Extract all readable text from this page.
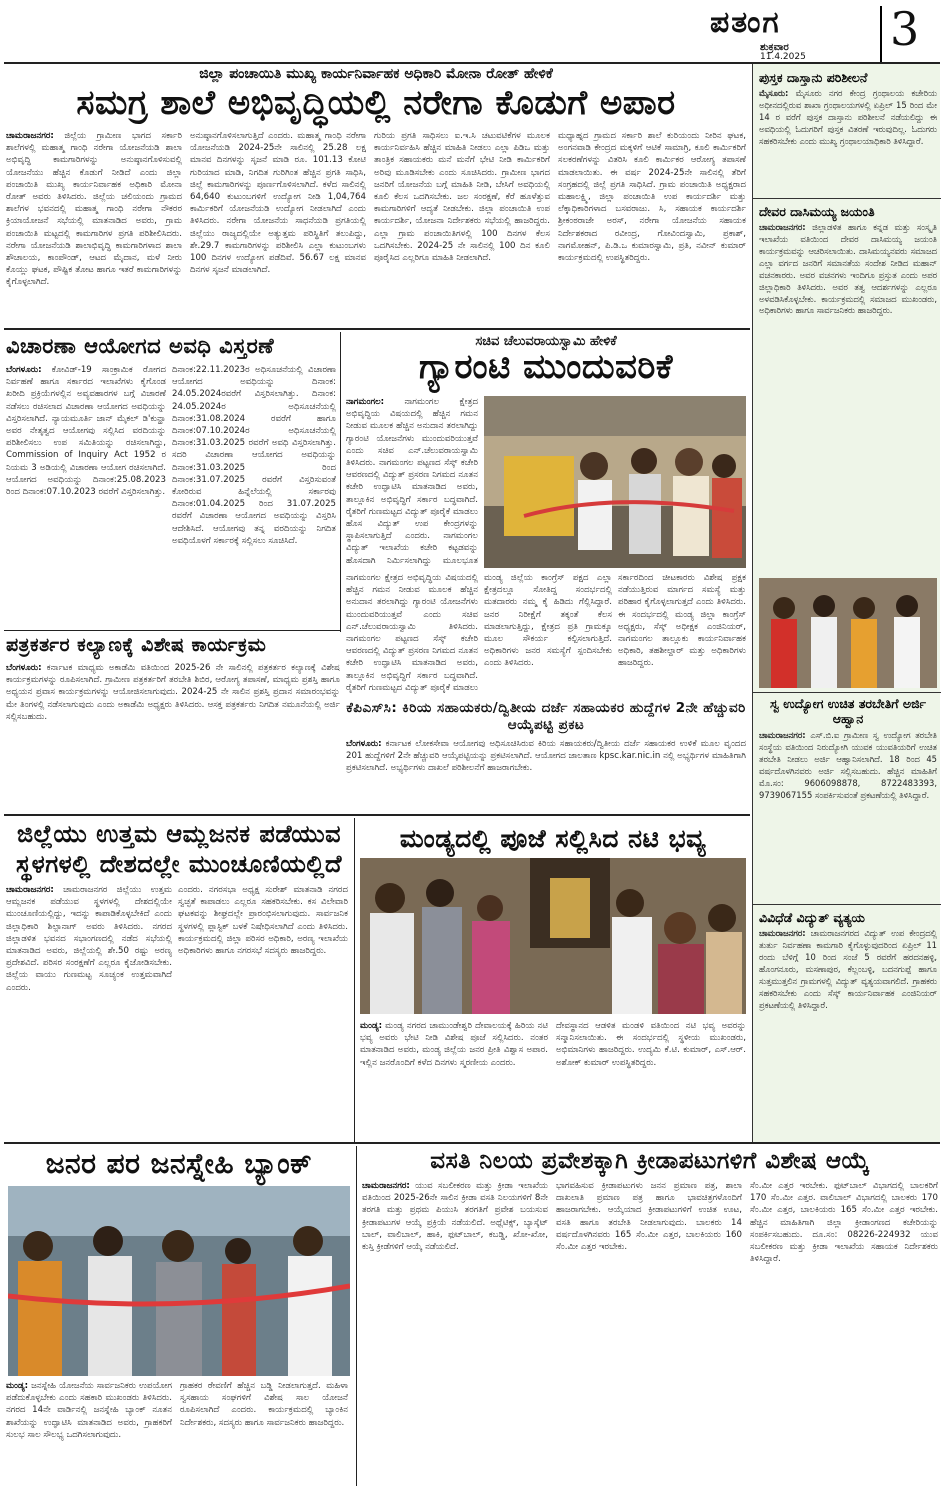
ಪತಂಗ
ಶುಕ್ರವಾರ
11.4.2025
3
ಜಿಲ್ಲಾ ಪಂಚಾಯಿತಿ ಮುಖ್ಯ ಕಾರ್ಯನಿರ್ವಾಹಕ ಅಧಿಕಾರಿ ಮೋನಾ ರೋತ್ ಹೇಳಿಕೆ
ಸಮಗ್ರ ಶಾಲೆ ಅಭಿವೃದ್ಧಿಯಲ್ಲಿ ನರೇಗಾ ಕೊಡುಗೆ ಅಪಾರ
ಚಾಮರಾಜನಗರ: ಜಿಲ್ಲೆಯ ಗ್ರಾಮೀಣ ಭಾಗದ ಸರ್ಕಾರಿ ಶಾಲೆಗಳಲ್ಲಿ ಮಹಾತ್ಮ ಗಾಂಧಿ ನರೇಗಾ ಯೋಜನೆಯಡಿ ಶಾಲಾ ಅಭಿವೃದ್ಧಿ ಕಾಮಗಾರಿಗಳನ್ನು ಅನುಷ್ಠಾನಗೊಳಿಸುವಲ್ಲಿ ಯೋಜನೆಯು ಹೆಚ್ಚಿನ ಕೊಡುಗೆ ನೀಡಿದೆ ಎಂದು ಜಿಲ್ಲಾ ಪಂಚಾಯಿತಿ ಮುಖ್ಯ ಕಾರ್ಯನಿರ್ವಾಹಕ ಅಧಿಕಾರಿ ಮೋನಾ ರೋತ್ ಅವರು ತಿಳಿಸಿದರು. ಜಿಲ್ಲೆಯ ಚಲಿಯಂದು ಗ್ರಾಮದ ಶಾಲೆಗಳ ಭವನದಲ್ಲಿ ಮಹಾತ್ಮ ಗಾಂಧಿ ನರೇಗಾ ನೌಕರರ ಕ್ರಿಯಾಯೋಜನೆ ಸಭೆಯಲ್ಲಿ ಮಾತನಾಡಿದ ಅವರು, ಗ್ರಾಮ ಪಂಚಾಯಿತಿ ಮಟ್ಟದಲ್ಲಿ ಕಾಮಗಾರಿಗಳ ಪ್ರಗತಿ ಪರಿಶೀಲಿಸಿದರು. ನರೇಗಾ ಯೋಜನೆಯಡಿ ಶಾಲಾಭಿವೃದ್ಧಿ ಕಾಮಗಾರಿಗಳಾದ ಶಾಲಾ ಶೌಚಾಲಯ, ಕಾಂಪೌಂಡ್, ಆಟದ ಮೈದಾನ, ಮಳೆ ನೀರು ಕೊಯ್ಲು ಘಟಕ, ಪೌಷ್ಟಿಕ ತೋಟ ಹಾಗೂ ಇತರೆ ಕಾಮಗಾರಿಗಳನ್ನು ಕೈಗೊಳ್ಳಲಾಗಿದೆ.
ಅನುಷ್ಠಾನಗೊಳಿಸಲಾಗುತ್ತಿದೆ ಎಂದರು. ಮಹಾತ್ಮ ಗಾಂಧಿ ನರೇಗಾ ಯೋಜನೆಯಡಿ 2024-25ನೇ ಸಾಲಿನಲ್ಲಿ 25.28 ಲಕ್ಷ ಮಾನವ ದಿನಗಳನ್ನು ಸೃಜನೆ ಮಾಡಿ ರೂ. 101.13 ಕೋಟಿ ಗುರಿಯಾದ ಮಾಡಿ, ನಿಗದಿತ ಗುರಿಗಿಂತ ಹೆಚ್ಚಿನ ಪ್ರಗತಿ ಸಾಧಿಸಿ, ಜಿಲ್ಲೆ ಕಾಮಗಾರಿಗಳನ್ನು ಪೂರ್ಣಗೊಳಿಸಲಾಗಿದೆ. ಕಳೆದ ಸಾಲಿನಲ್ಲಿ 64,640 ಕುಟುಂಬಗಳಿಗೆ ಉದ್ಯೋಗ ನೀಡಿ 1,04,764 ಕಾರ್ಮಿಕರಿಗೆ ಯೋಜನೆಯಡಿ ಉದ್ಯೋಗ ನೀಡಲಾಗಿದೆ ಎಂದು ತಿಳಿಸಿದರು. ನರೇಗಾ ಯೋಜನೆಯ ಸಾಧನೆಯಡಿ ಪ್ರಗತಿಯಲ್ಲಿ ಜಿಲ್ಲೆಯು ರಾಜ್ಯದಲ್ಲಿಯೇ ಅತ್ಯುತ್ತಮ ಪರಿಸ್ಥಿತಿಗೆ ತಲುಪಿದ್ದು, ಶೇ.29.7 ಕಾಮಗಾರಿಗಳನ್ನು ಪರಿಶೀಲಿಸಿ ಎಲ್ಲಾ ಕುಟುಂಬಗಳು 100 ದಿನಗಳ ಉದ್ಯೋಗ ಪಡೆದಿವೆ. 56.67 ಲಕ್ಷ ಮಾನವ ದಿನಗಳ ಸೃಜನೆ ಮಾಡಲಾಗಿದೆ.
ಗುರಿಯ ಪ್ರಗತಿ ಸಾಧಿಸಲು ಐ.ಇ.ಸಿ ಚಟುವಟಿಕೆಗಳ ಮೂಲಕ ಕಾರ್ಯನಿರ್ವಹಿಸಿ ಹೆಚ್ಚಿನ ಮಾಹಿತಿ ನೀಡಲು ಎಲ್ಲಾ ಪಿಡಿಒ ಮತ್ತು ತಾಂತ್ರಿಕ ಸಹಾಯಕರು ಮನೆ ಮನೆಗೆ ಭೇಟಿ ನೀಡಿ ಕಾರ್ಮಿಕರಿಗೆ ಅರಿವು ಮೂಡಿಸಬೇಕು ಎಂದು ಸೂಚಿಸಿದರು. ಗ್ರಾಮೀಣ ಭಾಗದ ಜನರಿಗೆ ಯೋಜನೆಯ ಬಗ್ಗೆ ಮಾಹಿತಿ ನೀಡಿ, ಬೇಸಿಗೆ ಅವಧಿಯಲ್ಲಿ ಕೂಲಿ ಕೆಲಸ ಒದಗಿಸಬೇಕು. ಜಲ ಸಂರಕ್ಷಣೆ, ಕೆರೆ ಹೂಳೆತ್ತುವ ಕಾಮಗಾರಿಗಳಿಗೆ ಆದ್ಯತೆ ನೀಡಬೇಕು. ಜಿಲ್ಲಾ ಪಂಚಾಯಿತಿ ಉಪ ಕಾರ್ಯದರ್ಶಿ, ಯೋಜನಾ ನಿರ್ದೇಶಕರು ಸಭೆಯಲ್ಲಿ ಹಾಜರಿದ್ದರು. ಎಲ್ಲಾ ಗ್ರಾಮ ಪಂಚಾಯಿತಿಗಳಲ್ಲಿ 100 ದಿನಗಳ ಕೆಲಸ ಒದಗಿಸಬೇಕು. 2024-25 ನೇ ಸಾಲಿನಲ್ಲಿ 100 ದಿನ ಕೂಲಿ ಪೂರೈಸಿದ ಎಲ್ಲರಿಗೂ ಮಾಹಿತಿ ನೀಡಲಾಗಿದೆ.
ಮಧ್ಯಾಹ್ನದ ಗ್ರಾಮದ ಸರ್ಕಾರಿ ಶಾಲೆ ಕುರಿಯಂದು ನೀರಿನ ಘಟಕ, ಅಂಗನವಾಡಿ ಕೇಂದ್ರದ ಮಕ್ಕಳಿಗೆ ಆಟಿಕೆ ಸಾಮಾಗ್ರಿ, ಕೂಲಿ ಕಾರ್ಮಿಕರಿಗೆ ಸಲಕರಣೆಗಳನ್ನು ವಿತರಿಸಿ ಕೂಲಿ ಕಾರ್ಮಿಕರ ಆರೋಗ್ಯ ತಪಾಸಣೆ ಮಾಡಲಾಯಿತು. ಈ ವರ್ಷ 2024-25ನೇ ಸಾಲಿನಲ್ಲಿ ತೆರಿಗೆ ಸಂಗ್ರಹದಲ್ಲಿ ಜಿಲ್ಲೆ ಪ್ರಗತಿ ಸಾಧಿಸಿದೆ. ಗ್ರಾಮ ಪಂಚಾಯಿತಿ ಅಧ್ಯಕ್ಷರಾದ ಮಹಾಲಕ್ಷ್ಮಿ, ಜಿಲ್ಲಾ ಪಂಚಾಯಿತಿ ಉಪ ಕಾರ್ಯದರ್ಶಿ ಮತ್ತು ಲೆಕ್ಕಾಧಿಕಾರಿಗಳಾದ ಬಸವರಾಜು. ಸಿ, ಸಹಾಯಕ ಕಾರ್ಯದರ್ಶಿ ಶ್ರೀಕಂಠರಾಜೇ ಅರಸ್, ನರೇಗಾ ಯೋಜನೆಯ ಸಹಾಯಕ ನಿರ್ದೇಶಕರಾದ ರವೀಂದ್ರ, ಗೋವಿಂದಸ್ವಾಮಿ, ಪ್ರಕಾಶ್, ನಾಗಮೋಹನ್, ಪಿ.ಡಿ.ಒ ಕುಮಾರಸ್ವಾಮಿ, ಪ್ರತಿ, ನವೀನ್ ಕುಮಾರ್ ಕಾರ್ಯಕ್ರಮದಲ್ಲಿ ಉಪಸ್ಥಿತರಿದ್ದರು.
ವಿಚಾರಣಾ ಆಯೋಗದ ಅವಧಿ ವಿಸ್ತರಣೆ
ಬೆಂಗಳೂರು: ಕೋವಿಡ್-19 ಸಾಂಕ್ರಾಮಿಕ ರೋಗದ ನಿರ್ವಹಣೆ ಹಾಗೂ ಸರ್ಕಾರದ ಇಲಾಖೆಗಳು ಕೈಗೊಂಡ ಖರೀದಿ ಪ್ರಕ್ರಿಯೆಗಳಲ್ಲಿನ ಅವ್ಯವಹಾರಗಳ ಬಗ್ಗೆ ವಿಚಾರಣೆ ನಡೆಸಲು ರಚಿಸಲಾದ ವಿಚಾರಣಾ ಆಯೋಗದ ಅವಧಿಯನ್ನು ವಿಸ್ತರಿಸಲಾಗಿದೆ. ನ್ಯಾಯಮೂರ್ತಿ ಜಾನ್ ಮೈಕಲ್ ಡಿ'ಕುನ್ಹಾ ಅವರ ನೇತೃತ್ವದ ಆಯೋಗವು ಸಲ್ಲಿಸಿದ ವರದಿಯನ್ನು ಪರಿಶೀಲಿಸಲು ಉಪ ಸಮಿತಿಯನ್ನು ರಚಿಸಲಾಗಿದ್ದು, Commission of Inquiry Act 1952 ರ ನಿಯಮ 3 ಅಡಿಯಲ್ಲಿ ವಿಚಾರಣಾ ಆಯೋಗ ರಚಿಸಲಾಗಿದೆ. ಆಯೋಗದ ಅವಧಿಯನ್ನು ದಿನಾಂಕ:25.08.2023 ರಿಂದ ದಿನಾಂಕ:07.10.2023 ರವರೆಗೆ ವಿಸ್ತರಿಸಲಾಗಿತ್ತು.
ದಿನಾಂಕ:22.11.2023ರ ಅಧಿಸೂಚನೆಯಲ್ಲಿ ವಿಚಾರಣಾ ಆಯೋಗದ ಅವಧಿಯನ್ನು ದಿನಾಂಕ: 24.05.2024ರವರೆಗೆ ವಿಸ್ತರಿಸಲಾಗಿತ್ತು. ದಿನಾಂಕ: 24.05.2024ರ ಅಧಿಸೂಚನೆಯಲ್ಲಿ ದಿನಾಂಕ:31.08.2024 ರವರೆಗೆ ಹಾಗೂ ದಿನಾಂಕ:07.10.2024ರ ಅಧಿಸೂಚನೆಯಲ್ಲಿ ದಿನಾಂಕ:31.03.2025 ರವರೆಗೆ ಅವಧಿ ವಿಸ್ತರಿಸಲಾಗಿತ್ತು. ಸದರಿ ವಿಚಾರಣಾ ಆಯೋಗದ ಅವಧಿಯನ್ನು ದಿನಾಂಕ:31.03.2025 ರಿಂದ ದಿನಾಂಕ:31.07.2025 ರವರೆಗೆ ವಿಸ್ತರಿಸುವಂತೆ ಕೋರಿರುವ ಹಿನ್ನೆಲೆಯಲ್ಲಿ ಸರ್ಕಾರವು ದಿನಾಂಕ:01.04.2025 ರಿಂದ 31.07.2025 ರವರೆಗೆ ವಿಚಾರಣಾ ಆಯೋಗದ ಅವಧಿಯನ್ನು ವಿಸ್ತರಿಸಿ ಆದೇಶಿಸಿದೆ. ಆಯೋಗವು ತನ್ನ ವರದಿಯನ್ನು ನಿಗದಿತ ಅವಧಿಯೊಳಗೆ ಸರ್ಕಾರಕ್ಕೆ ಸಲ್ಲಿಸಲು ಸೂಚಿಸಿದೆ.
ಸಚಿವ ಚೆಲುವರಾಯಸ್ವಾಮಿ ಹೇಳಿಕೆ
ಗ್ಯಾರಂಟಿ ಮುಂದುವರಿಕೆ
ನಾಗಮಂಗಲ: ನಾಗಮಂಗಲ ಕ್ಷೇತ್ರದ ಅಭಿವೃದ್ಧಿಯ ವಿಷಯದಲ್ಲಿ ಹೆಚ್ಚಿನ ಗಮನ ನೀಡುವ ಮೂಲಕ ಹೆಚ್ಚಿನ ಅನುದಾನ ತರಲಾಗಿದ್ದು ಗ್ಯಾರಂಟಿ ಯೋಜನೆಗಳು ಮುಂದುವರಿಯುತ್ತವೆ ಎಂದು ಸಚಿವ ಎನ್.ಚೆಲುವರಾಯಸ್ವಾಮಿ ತಿಳಿಸಿದರು. ನಾಗಮಂಗಲ ಪಟ್ಟಣದ ಸೆಸ್ಕ್ ಕಚೇರಿ ಆವರಣದಲ್ಲಿ ವಿದ್ಯುತ್ ಪ್ರಸರಣ ನಿಗಮದ ನೂತನ ಕಚೇರಿ ಉದ್ಘಾಟಿಸಿ ಮಾತನಾಡಿದ ಅವರು, ತಾಲ್ಲೂಕಿನ ಅಭಿವೃದ್ಧಿಗೆ ಸರ್ಕಾರ ಬದ್ಧವಾಗಿದೆ. ರೈತರಿಗೆ ಗುಣಮಟ್ಟದ ವಿದ್ಯುತ್ ಪೂರೈಕೆ ಮಾಡಲು ಹೊಸ ವಿದ್ಯುತ್ ಉಪ ಕೇಂದ್ರಗಳನ್ನು ಸ್ಥಾಪಿಸಲಾಗುತ್ತಿದೆ ಎಂದರು. ನಾಗಮಂಗಲ ವಿದ್ಯುತ್ ಇಲಾಖೆಯ ಕಚೇರಿ ಕಟ್ಟಡವನ್ನು ಹೊಸದಾಗಿ ನಿರ್ಮಿಸಲಾಗಿದ್ದು ಮೂಲಭೂತ
ಮಂಡ್ಯ ಜಿಲ್ಲೆಯ ಕಾಂಗ್ರೆಸ್ ಪಕ್ಷದ ಎಲ್ಲಾ ಕ್ಷೇತ್ರದಲ್ಲೂ ಸೋತಿದ್ದ ಸಂದರ್ಭದಲ್ಲಿ ಮತದಾರರು ನಮ್ಮ ಕೈ ಹಿಡಿದು ಗೆಲ್ಲಿಸಿದ್ದಾರೆ. ಜನರ ನಿರೀಕ್ಷೆಗೆ ತಕ್ಕಂತೆ ಕೆಲಸ ಮಾಡಲಾಗುತ್ತಿದ್ದು, ಕ್ಷೇತ್ರದ ಪ್ರತಿ ಗ್ರಾಮಕ್ಕೂ ಮೂಲ ಸೌಕರ್ಯ ಕಲ್ಪಿಸಲಾಗುತ್ತಿದೆ. ಅಧಿಕಾರಿಗಳು ಜನರ ಸಮಸ್ಯೆಗೆ ಸ್ಪಂದಿಸಬೇಕು ಎಂದು ತಿಳಿಸಿದರು.
ಸರ್ಕಾರದಿಂದ ಚೀಟಕಾರರು ವಿಶೇಷ ಪ್ರಕ್ಷಕ ನಡೆಯುತ್ತಿರುವ ಮಾರ್ಗದ ಸಮಸ್ಯೆ ಮತ್ತು ಪರಿಹಾರ ಕೈಗೊಳ್ಳಲಾಗುತ್ತದೆ ಎಂದು ತಿಳಿಸಿದರು. ಈ ಸಂದರ್ಭದಲ್ಲಿ ಮಂಡ್ಯ ಜಿಲ್ಲಾ ಕಾಂಗ್ರೆಸ್ ಅಧ್ಯಕ್ಷರು, ಸೆಸ್ಕ್ ಅಧೀಕ್ಷಕ ಎಂಜಿನಿಯರ್, ನಾಗಮಂಗಲ ತಾಲ್ಲೂಕು ಕಾರ್ಯನಿರ್ವಾಹಕ ಅಧಿಕಾರಿ, ತಹಶೀಲ್ದಾರ್ ಮತ್ತು ಅಧಿಕಾರಿಗಳು ಹಾಜರಿದ್ದರು.
ನಾಗಮಂಗಲ ಕ್ಷೇತ್ರದ ಅಭಿವೃದ್ಧಿಯ ವಿಷಯದಲ್ಲಿ ಹೆಚ್ಚಿನ ಗಮನ ನೀಡುವ ಮೂಲಕ ಹೆಚ್ಚಿನ ಅನುದಾನ ತರಲಾಗಿದ್ದು ಗ್ಯಾರಂಟಿ ಯೋಜನೆಗಳು ಮುಂದುವರಿಯುತ್ತವೆ ಎಂದು ಸಚಿವ ಎನ್.ಚೆಲುವರಾಯಸ್ವಾಮಿ ತಿಳಿಸಿದರು. ನಾಗಮಂಗಲ ಪಟ್ಟಣದ ಸೆಸ್ಕ್ ಕಚೇರಿ ಆವರಣದಲ್ಲಿ ವಿದ್ಯುತ್ ಪ್ರಸರಣ ನಿಗಮದ ನೂತನ ಕಚೇರಿ ಉದ್ಘಾಟಿಸಿ ಮಾತನಾಡಿದ ಅವರು, ತಾಲ್ಲೂಕಿನ ಅಭಿವೃದ್ಧಿಗೆ ಸರ್ಕಾರ ಬದ್ಧವಾಗಿದೆ. ರೈತರಿಗೆ ಗುಣಮಟ್ಟದ ವಿದ್ಯುತ್ ಪೂರೈಕೆ ಮಾಡಲು
ಕೆಪಿಎಸ್‌ಸಿ: ಕಿರಿಯ ಸಹಾಯಕರು/ದ್ವಿತೀಯ ದರ್ಜೆ ಸಹಾಯಕರ ಹುದ್ದೆಗಳ 2ನೇ ಹೆಚ್ಚುವರಿ ಆಯ್ಕೆಪಟ್ಟಿ ಪ್ರಕಟ
ಬೆಂಗಳೂರು: ಕರ್ನಾಟಕ ಲೋಕಸೇವಾ ಆಯೋಗವು ಅಧಿಸೂಚಿಸಿರುವ ಕಿರಿಯ ಸಹಾಯಕರು/ದ್ವಿತೀಯ ದರ್ಜೆ ಸಹಾಯಕರ ಉಳಿಕೆ ಮೂಲ ವೃಂದದ 201 ಹುದ್ದೆಗಳಿಗೆ 2ನೇ ಹೆಚ್ಚುವರಿ ಆಯ್ಕೆಪಟ್ಟಿಯನ್ನು ಪ್ರಕಟಿಸಲಾಗಿದೆ. ಆಯೋಗದ ಜಾಲತಾಣ kpsc.kar.nic.in ನಲ್ಲಿ ಅಭ್ಯರ್ಥಿಗಳ ಮಾಹಿತಿಗಾಗಿ ಪ್ರಕಟಿಸಲಾಗಿದೆ. ಅಭ್ಯರ್ಥಿಗಳು ದಾಖಲೆ ಪರಿಶೀಲನೆಗೆ ಹಾಜರಾಗಬೇಕು.
ಪತ್ರಕರ್ತರ ಕಲ್ಯಾಣಕ್ಕೆ ವಿಶೇಷ ಕಾರ್ಯಕ್ರಮ
ಬೆಂಗಳೂರು: ಕರ್ನಾಟಕ ಮಾಧ್ಯಮ ಅಕಾಡೆಮಿ ವತಿಯಿಂದ 2025-26 ನೇ ಸಾಲಿನಲ್ಲಿ ಪತ್ರಕರ್ತರ ಕಲ್ಯಾಣಕ್ಕೆ ವಿಶೇಷ ಕಾರ್ಯಕ್ರಮಗಳನ್ನು ರೂಪಿಸಲಾಗಿದೆ. ಗ್ರಾಮೀಣ ಪತ್ರಕರ್ತರಿಗೆ ತರಬೇತಿ ಶಿಬಿರ, ಆರೋಗ್ಯ ತಪಾಸಣೆ, ಮಾಧ್ಯಮ ಪ್ರಶಸ್ತಿ ಹಾಗೂ ಅಧ್ಯಯನ ಪ್ರವಾಸ ಕಾರ್ಯಕ್ರಮಗಳನ್ನು ಆಯೋಜಿಸಲಾಗುವುದು. 2024-25 ನೇ ಸಾಲಿನ ಪ್ರಶಸ್ತಿ ಪ್ರದಾನ ಸಮಾರಂಭವನ್ನು ಮೇ ತಿಂಗಳಲ್ಲಿ ನಡೆಸಲಾಗುವುದು ಎಂದು ಅಕಾಡೆಮಿ ಅಧ್ಯಕ್ಷರು ತಿಳಿಸಿದರು. ಆಸಕ್ತ ಪತ್ರಕರ್ತರು ನಿಗದಿತ ನಮೂನೆಯಲ್ಲಿ ಅರ್ಜಿ ಸಲ್ಲಿಸಬಹುದು.
ಜಿಲ್ಲೆಯು ಉತ್ತಮ ಆಮ್ಲಜನಕ ಪಡೆಯುವ
ಸ್ಥಳಗಳಲ್ಲಿ ದೇಶದಲ್ಲೇ ಮುಂಚೂಣಿಯಲ್ಲಿದೆ
ಚಾಮರಾಜನಗರ: ಚಾಮರಾಜನಗರ ಜಿಲ್ಲೆಯು ಉತ್ತಮ ಆಮ್ಲಜನಕ ಪಡೆಯುವ ಸ್ಥಳಗಳಲ್ಲಿ ದೇಶದಲ್ಲಿಯೇ ಮುಂಚೂಣಿಯಲ್ಲಿದ್ದು, ಇದನ್ನು ಕಾಪಾಡಿಕೊಳ್ಳಬೇಕಿದೆ ಎಂದು ಜಿಲ್ಲಾಧಿಕಾರಿ ಶಿಲ್ಪಾನಾಗ್ ಅವರು ತಿಳಿಸಿದರು. ನಗರದ ಜಿಲ್ಲಾಡಳಿತ ಭವನದ ಸಭಾಂಗಣದಲ್ಲಿ ನಡೆದ ಸಭೆಯಲ್ಲಿ ಮಾತನಾಡಿದ ಅವರು, ಜಿಲ್ಲೆಯಲ್ಲಿ ಶೇ.50 ರಷ್ಟು ಅರಣ್ಯ ಪ್ರದೇಶವಿದೆ. ಪರಿಸರ ಸಂರಕ್ಷಣೆಗೆ ಎಲ್ಲರೂ ಕೈಜೋಡಿಸಬೇಕು. ಜಿಲ್ಲೆಯ ವಾಯು ಗುಣಮಟ್ಟ ಸೂಚ್ಯಂಕ ಉತ್ತಮವಾಗಿದೆ ಎಂದರು.
ಎಂದರು. ನಗರಸಭಾ ಅಧ್ಯಕ್ಷ ಸುರೇಶ್ ಮಾತನಾಡಿ ನಗರದ ಸ್ವಚ್ಛತೆ ಕಾಪಾಡಲು ಎಲ್ಲರೂ ಸಹಕರಿಸಬೇಕು. ಕಸ ವಿಲೇವಾರಿ ಘಟಕವನ್ನು ಶೀಘ್ರದಲ್ಲೇ ಪ್ರಾರಂಭಿಸಲಾಗುವುದು. ಸಾರ್ವಜನಿಕ ಸ್ಥಳಗಳಲ್ಲಿ ಪ್ಲಾಸ್ಟಿಕ್ ಬಳಕೆ ನಿಷೇಧಿಸಲಾಗಿದೆ ಎಂದು ತಿಳಿಸಿದರು. ಕಾರ್ಯಕ್ರಮದಲ್ಲಿ ಜಿಲ್ಲಾ ಪರಿಸರ ಅಧಿಕಾರಿ, ಅರಣ್ಯ ಇಲಾಖೆಯ ಅಧಿಕಾರಿಗಳು ಹಾಗೂ ನಗರಸಭೆ ಸದಸ್ಯರು ಹಾಜರಿದ್ದರು.
ಮಂಡ್ಯದಲ್ಲಿ ಪೂಜೆ ಸಲ್ಲಿಸಿದ ನಟಿ ಭವ್ಯ
ಮಂಡ್ಯ: ಮಂಡ್ಯ ನಗರದ ಚಾಮುಂಡೇಶ್ವರಿ ದೇವಾಲಯಕ್ಕೆ ಹಿರಿಯ ನಟಿ ಭವ್ಯ ಅವರು ಭೇಟಿ ನೀಡಿ ವಿಶೇಷ ಪೂಜೆ ಸಲ್ಲಿಸಿದರು. ನಂತರ ಮಾತನಾಡಿದ ಅವರು, ಮಂಡ್ಯ ಜಿಲ್ಲೆಯ ಜನರ ಪ್ರೀತಿ ವಿಶ್ವಾಸ ಅಪಾರ. ಇಲ್ಲಿನ ಜನರೊಂದಿಗೆ ಕಳೆದ ದಿನಗಳು ಸ್ಮರಣೀಯ ಎಂದರು.
ದೇವಸ್ಥಾನದ ಆಡಳಿತ ಮಂಡಳಿ ವತಿಯಿಂದ ನಟಿ ಭವ್ಯ ಅವರನ್ನು ಸನ್ಮಾನಿಸಲಾಯಿತು. ಈ ಸಂದರ್ಭದಲ್ಲಿ ಸ್ಥಳೀಯ ಮುಖಂಡರು, ಅಭಿಮಾನಿಗಳು ಹಾಜರಿದ್ದರು. ಉದ್ಯಮಿ ಕೆ.ಟಿ. ಕುಮಾರ್, ಎಸ್.ಆರ್. ಅಶೋಕ್ ಕುಮಾರ್ ಉಪಸ್ಥಿತರಿದ್ದರು.
ಜನರ ಪರ ಜನಸ್ನೇಹಿ ಬ್ಯಾಂಕ್
ಮಂಡ್ಯ: ಜನಸ್ನೇಹಿ ಯೋಜನೆಯ ಸಾರ್ವಜನಿಕರು ಉಪಯೋಗ ಪಡೆದುಕೊಳ್ಳಬೇಕು ಎಂದು ಸಹಕಾರಿ ಮುಖಂಡರು ತಿಳಿಸಿದರು. ನಗರದ 14ನೇ ವಾರ್ಡಿನಲ್ಲಿ ಜನಸ್ನೇಹಿ ಬ್ಯಾಂಕ್ ನೂತನ ಶಾಖೆಯನ್ನು ಉದ್ಘಾಟಿಸಿ ಮಾತನಾಡಿದ ಅವರು, ಗ್ರಾಹಕರಿಗೆ ಸುಲಭ ಸಾಲ ಸೌಲಭ್ಯ ಒದಗಿಸಲಾಗುವುದು.
ಗ್ರಾಹಕರ ಠೇವಣಿಗೆ ಹೆಚ್ಚಿನ ಬಡ್ಡಿ ನೀಡಲಾಗುತ್ತದೆ. ಮಹಿಳಾ ಸ್ವಸಹಾಯ ಸಂಘಗಳಿಗೆ ವಿಶೇಷ ಸಾಲ ಯೋಜನೆ ರೂಪಿಸಲಾಗಿದೆ ಎಂದರು. ಕಾರ್ಯಕ್ರಮದಲ್ಲಿ ಬ್ಯಾಂಕಿನ ನಿರ್ದೇಶಕರು, ಸದಸ್ಯರು ಹಾಗೂ ಸಾರ್ವಜನಿಕರು ಹಾಜರಿದ್ದರು.
ವಸತಿ ನಿಲಯ ಪ್ರವೇಶಕ್ಕಾಗಿ ಕ್ರೀಡಾಪಟುಗಳಿಗೆ ವಿಶೇಷ ಆಯ್ಕೆ
ಚಾಮರಾಜನಗರ: ಯುವ ಸಬಲೀಕರಣ ಮತ್ತು ಕ್ರೀಡಾ ಇಲಾಖೆಯ ವತಿಯಿಂದ 2025-26ನೇ ಸಾಲಿನ ಕ್ರೀಡಾ ವಸತಿ ನಿಲಯಗಳಿಗೆ 8ನೇ ತರಗತಿ ಮತ್ತು ಪ್ರಥಮ ಪಿಯುಸಿ ತರಗತಿಗೆ ಪ್ರವೇಶ ಬಯಸುವ ಕ್ರೀಡಾಪಟುಗಳ ಆಯ್ಕೆ ಪ್ರಕ್ರಿಯೆ ನಡೆಯಲಿದೆ. ಅಥ್ಲೆಟಿಕ್ಸ್, ಬ್ಯಾಸ್ಕೆಟ್ ಬಾಲ್, ವಾಲಿಬಾಲ್, ಹಾಕಿ, ಫುಟ್‌ಬಾಲ್, ಕಬಡ್ಡಿ, ಖೋ-ಖೋ, ಕುಸ್ತಿ ಕ್ರೀಡೆಗಳಿಗೆ ಆಯ್ಕೆ ನಡೆಯಲಿದೆ.
ಭಾಗವಹಿಸುವ ಕ್ರೀಡಾಪಟುಗಳು ಜನನ ಪ್ರಮಾಣ ಪತ್ರ, ಶಾಲಾ ದಾಖಲಾತಿ ಪ್ರಮಾಣ ಪತ್ರ ಹಾಗೂ ಭಾವಚಿತ್ರಗಳೊಂದಿಗೆ ಹಾಜರಾಗಬೇಕು. ಆಯ್ಕೆಯಾದ ಕ್ರೀಡಾಪಟುಗಳಿಗೆ ಉಚಿತ ಊಟ, ವಸತಿ ಹಾಗೂ ತರಬೇತಿ ನೀಡಲಾಗುವುದು. ಬಾಲಕರು 14 ವರ್ಷದೊಳಗಿನವರು 165 ಸೆಂ.ಮೀ ಎತ್ತರ, ಬಾಲಕಿಯರು 160 ಸೆಂ.ಮೀ ಎತ್ತರ ಇರಬೇಕು.
ಸೆಂ.ಮೀ ಎತ್ತರ ಇರಬೇಕು. ಫುಟ್‌ಬಾಲ್ ವಿಭಾಗದಲ್ಲಿ ಬಾಲಕರಿಗೆ 170 ಸೆಂ.ಮೀ ಎತ್ತರ. ವಾಲಿಬಾಲ್ ವಿಭಾಗದಲ್ಲಿ ಬಾಲಕರು 170 ಸೆಂ.ಮೀ ಎತ್ತರ, ಬಾಲಕಿಯರು 165 ಸೆಂ.ಮೀ ಎತ್ತರ ಇರಬೇಕು. ಹೆಚ್ಚಿನ ಮಾಹಿತಿಗಾಗಿ ಜಿಲ್ಲಾ ಕ್ರೀಡಾಂಗಣದ ಕಚೇರಿಯನ್ನು ಸಂಪರ್ಕಿಸಬಹುದು. ದೂ.ಸಂ: 08226-224932 ಯುವ ಸಬಲೀಕರಣ ಮತ್ತು ಕ್ರೀಡಾ ಇಲಾಖೆಯ ಸಹಾಯಕ ನಿರ್ದೇಶಕರು ತಿಳಿಸಿದ್ದಾರೆ.
ಪುಸ್ತಕ ದಾಸ್ತಾನು ಪರಿಶೀಲನೆ
ಮೈಸೂರು: ಮೈಸೂರು ನಗರ ಕೇಂದ್ರ ಗ್ರಂಥಾಲಯ ಕಚೇರಿಯ ಅಧೀನದಲ್ಲಿರುವ ಶಾಖಾ ಗ್ರಂಥಾಲಯಗಳಲ್ಲಿ ಏಪ್ರಿಲ್ 15 ರಿಂದ ಮೇ 14 ರ ವರೆಗೆ ಪುಸ್ತಕ ದಾಸ್ತಾನು ಪರಿಶೀಲನೆ ನಡೆಯಲಿದ್ದು ಈ ಅವಧಿಯಲ್ಲಿ ಓದುಗರಿಗೆ ಪುಸ್ತಕ ವಿತರಣೆ ಇರುವುದಿಲ್ಲ. ಓದುಗರು ಸಹಕರಿಸಬೇಕು ಎಂದು ಮುಖ್ಯ ಗ್ರಂಥಾಲಯಾಧಿಕಾರಿ ತಿಳಿಸಿದ್ದಾರೆ.
ದೇವರ ದಾಸಿಮಯ್ಯ ಜಯಂತಿ
ಚಾಮರಾಜನಗರ: ಜಿಲ್ಲಾಡಳಿತ ಹಾಗೂ ಕನ್ನಡ ಮತ್ತು ಸಂಸ್ಕೃತಿ ಇಲಾಖೆಯ ವತಿಯಿಂದ ದೇವರ ದಾಸಿಮಯ್ಯ ಜಯಂತಿ ಕಾರ್ಯಕ್ರಮವನ್ನು ಆಚರಿಸಲಾಯಿತು. ದಾಸಿಮಯ್ಯನವರು ಸಮಾಜದ ಎಲ್ಲಾ ವರ್ಗದ ಜನರಿಗೆ ಸಮಾನತೆಯ ಸಂದೇಶ ನೀಡಿದ ಮಹಾನ್ ವಚನಕಾರರು. ಅವರ ವಚನಗಳು ಇಂದಿಗೂ ಪ್ರಸ್ತುತ ಎಂದು ಅಪರ ಜಿಲ್ಲಾಧಿಕಾರಿ ತಿಳಿಸಿದರು. ಅವರ ತತ್ವ ಆದರ್ಶಗಳನ್ನು ಎಲ್ಲರೂ ಅಳವಡಿಸಿಕೊಳ್ಳಬೇಕು. ಕಾರ್ಯಕ್ರಮದಲ್ಲಿ ಸಮಾಜದ ಮುಖಂಡರು, ಅಧಿಕಾರಿಗಳು ಹಾಗೂ ಸಾರ್ವಜನಿಕರು ಹಾಜರಿದ್ದರು.
ಸ್ವ ಉದ್ಯೋಗ ಉಚಿತ ತರಬೇತಿಗೆ ಅರ್ಜಿ ಆಹ್ವಾನ
ಚಾಮರಾಜನಗರ: ಎಸ್.ಬಿ.ಐ ಗ್ರಾಮೀಣ ಸ್ವ ಉದ್ಯೋಗ ತರಬೇತಿ ಸಂಸ್ಥೆಯ ವತಿಯಿಂದ ನಿರುದ್ಯೋಗಿ ಯುವಕ ಯುವತಿಯರಿಗೆ ಉಚಿತ ತರಬೇತಿ ನೀಡಲು ಅರ್ಜಿ ಆಹ್ವಾನಿಸಲಾಗಿದೆ. 18 ರಿಂದ 45 ವರ್ಷದೊಳಗಿನವರು ಅರ್ಜಿ ಸಲ್ಲಿಸಬಹುದು. ಹೆಚ್ಚಿನ ಮಾಹಿತಿಗೆ ಮೊ.ಸಂ: 9606098878, 8722483393, 9739067155 ಸಂಪರ್ಕಿಸುವಂತೆ ಪ್ರಕಟಣೆಯಲ್ಲಿ ತಿಳಿಸಿದ್ದಾರೆ.
ವಿವಿಧೆಡೆ ವಿದ್ಯುತ್ ವ್ಯತ್ಯಯ
ಚಾಮರಾಜನಗರ: ಚಾಮರಾಜನಗರದ ವಿದ್ಯುತ್ ಉಪ ಕೇಂದ್ರದಲ್ಲಿ ತುರ್ತು ನಿರ್ವಹಣಾ ಕಾಮಗಾರಿ ಕೈಗೊಳ್ಳುವುದರಿಂದ ಏಪ್ರಿಲ್ 11 ರಂದು ಬೆಳಿಗ್ಗೆ 10 ರಿಂದ ಸಂಜೆ 5 ರವರೆಗೆ ಹರದನಹಳ್ಳಿ, ಹೊಂಗನೂರು, ಮಸಣಾಪುರ, ಕೆಲ್ಲಂಬಳ್ಳಿ, ಬದನಗುಪ್ಪೆ ಹಾಗೂ ಸುತ್ತಮುತ್ತಲಿನ ಗ್ರಾಮಗಳಲ್ಲಿ ವಿದ್ಯುತ್ ವ್ಯತ್ಯಯವಾಗಲಿದೆ. ಗ್ರಾಹಕರು ಸಹಕರಿಸಬೇಕು ಎಂದು ಸೆಸ್ಕ್ ಕಾರ್ಯನಿರ್ವಾಹಕ ಎಂಜಿನಿಯರ್ ಪ್ರಕಟಣೆಯಲ್ಲಿ ತಿಳಿಸಿದ್ದಾರೆ.
